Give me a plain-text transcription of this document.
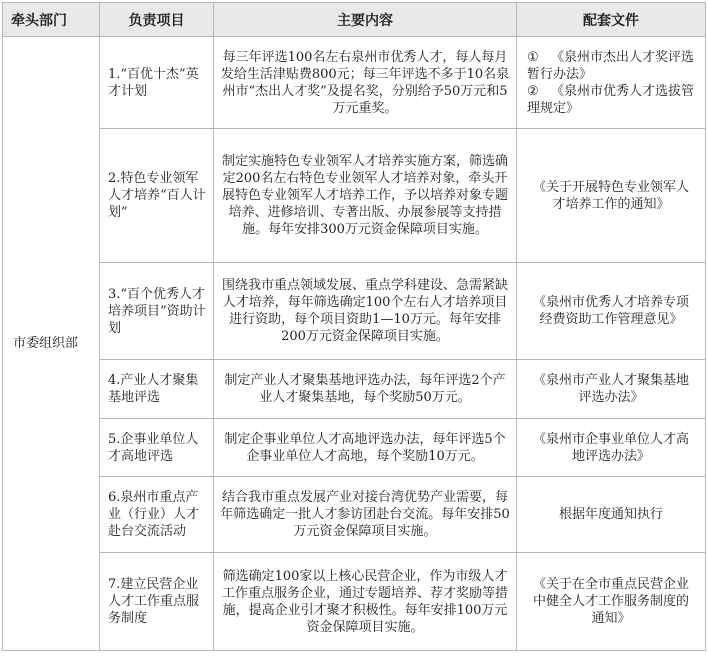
牵头部门	负责项目	主要内容	配套文件
市委组织部	1.“百优十杰”英才计划	每三年评选100名左右泉州市优秀人才，每人每月发给生活津贴费800元；每三年评选不多于10名泉州市“杰出人才奖”及提名奖，分别给予50万元和5万元重奖。	① 《泉州市杰出人才奖评选暂行办法》
② 《泉州市优秀人才选拔管理规定》

	2.特色专业领军人才培养“百人计划”	制定实施特色专业领军人才培养实施方案，筛选确定200名左右特色专业领军人才培养对象，牵头开展特色专业领军人才培养工作，予以培养对象专题培养、进修培训、专著出版、办展参展等支持措施。每年安排300万元资金保障项目实施。	《关于开展特色专业领军人才培养工作的通知》
	3.“百个优秀人才培养项目”资助计划	围绕我市重点领域发展、重点学科建设、急需紧缺人才培养，每年筛选确定100个左右人才培养项目进行资助，每个项目资助1—10万元。每年安排200万元资金保障项目实施。	《泉州市优秀人才培养专项经费资助工作管理意见》
	4.产业人才聚集基地评选	制定产业人才聚集基地评选办法，每年评选2个产业人才聚集基地，每个奖励50万元。	《泉州市产业人才聚集基地评选办法》
	5.企事业单位人才高地评选	制定企事业单位人才高地评选办法，每年评选5个企事业单位人才高地，每个奖励10万元。	《泉州市企事业单位人才高地评选办法》
	6.泉州市重点产业（行业）人才赴台交流活动	结合我市重点发展产业对接台湾优势产业需要，每年筛选确定一批人才参访团赴台交流。每年安排50万元资金保障项目实施。	根据年度通知执行
	7.建立民营企业人才工作重点服务制度	筛选确定100家以上核心民营企业，作为市级人才工作重点服务企业，通过专题培养、荐才奖励等措施，提高企业引才聚才积极性。每年安排100万元资金保障项目实施。	《关于在全市重点民营企业中健全人才工作服务制度的通知》
